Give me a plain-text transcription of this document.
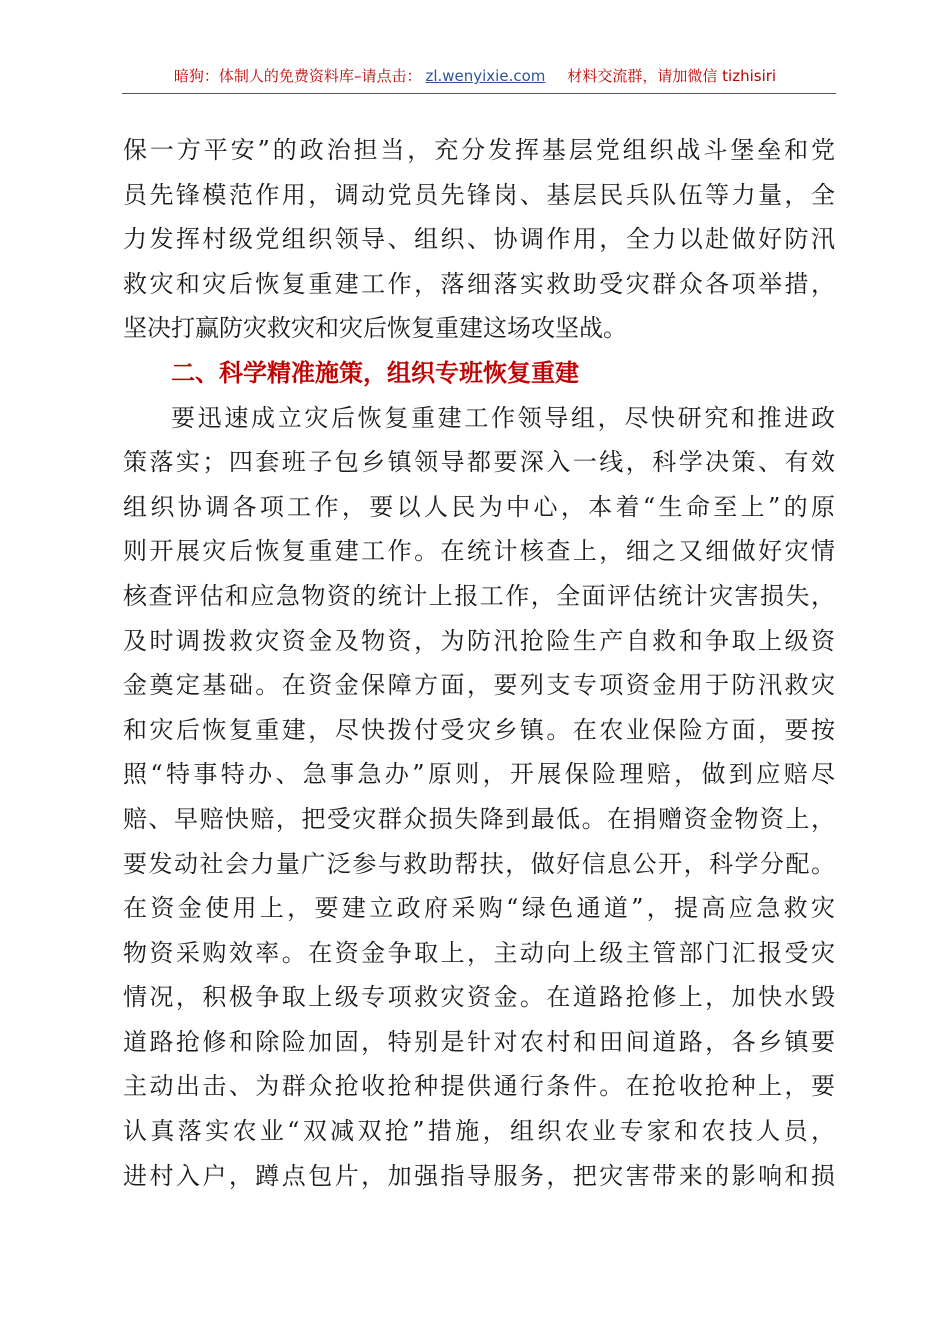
暗狗：体制人的免费资料库–请点击： zl.wenyixie.com 材料交流群，请加微信 tizhisiri
保一方平安”的政治担当，充分发挥基层党组织战斗堡垒和党
员先锋模范作用，调动党员先锋岗、基层民兵队伍等力量，全
力发挥村级党组织领导、组织、协调作用，全力以赴做好防汛
救灾和灾后恢复重建工作，落细落实救助受灾群众各项举措，
坚决打赢防灾救灾和灾后恢复重建这场攻坚战。
二、科学精准施策，组织专班恢复重建
要迅速成立灾后恢复重建工作领导组，尽快研究和推进政
策落实；四套班子包乡镇领导都要深入一线，科学决策、有效
组织协调各项工作，要以人民为中心，本着“生命至上”的原
则开展灾后恢复重建工作。在统计核查上，细之又细做好灾情
核查评估和应急物资的统计上报工作，全面评估统计灾害损失，
及时调拨救灾资金及物资，为防汛抢险生产自救和争取上级资
金奠定基础。在资金保障方面，要列支专项资金用于防汛救灾
和灾后恢复重建，尽快拨付受灾乡镇。在农业保险方面，要按
照“特事特办、急事急办”原则，开展保险理赔，做到应赔尽
赔、早赔快赔，把受灾群众损失降到最低。在捐赠资金物资上，
要发动社会力量广泛参与救助帮扶，做好信息公开，科学分配。
在资金使用上，要建立政府采购“绿色通道”，提高应急救灾
物资采购效率。在资金争取上，主动向上级主管部门汇报受灾
情况，积极争取上级专项救灾资金。在道路抢修上，加快水毁
道路抢修和除险加固，特别是针对农村和田间道路，各乡镇要
主动出击、为群众抢收抢种提供通行条件。在抢收抢种上，要
认真落实农业“双减双抢”措施，组织农业专家和农技人员，
进村入户，蹲点包片，加强指导服务，把灾害带来的影响和损
